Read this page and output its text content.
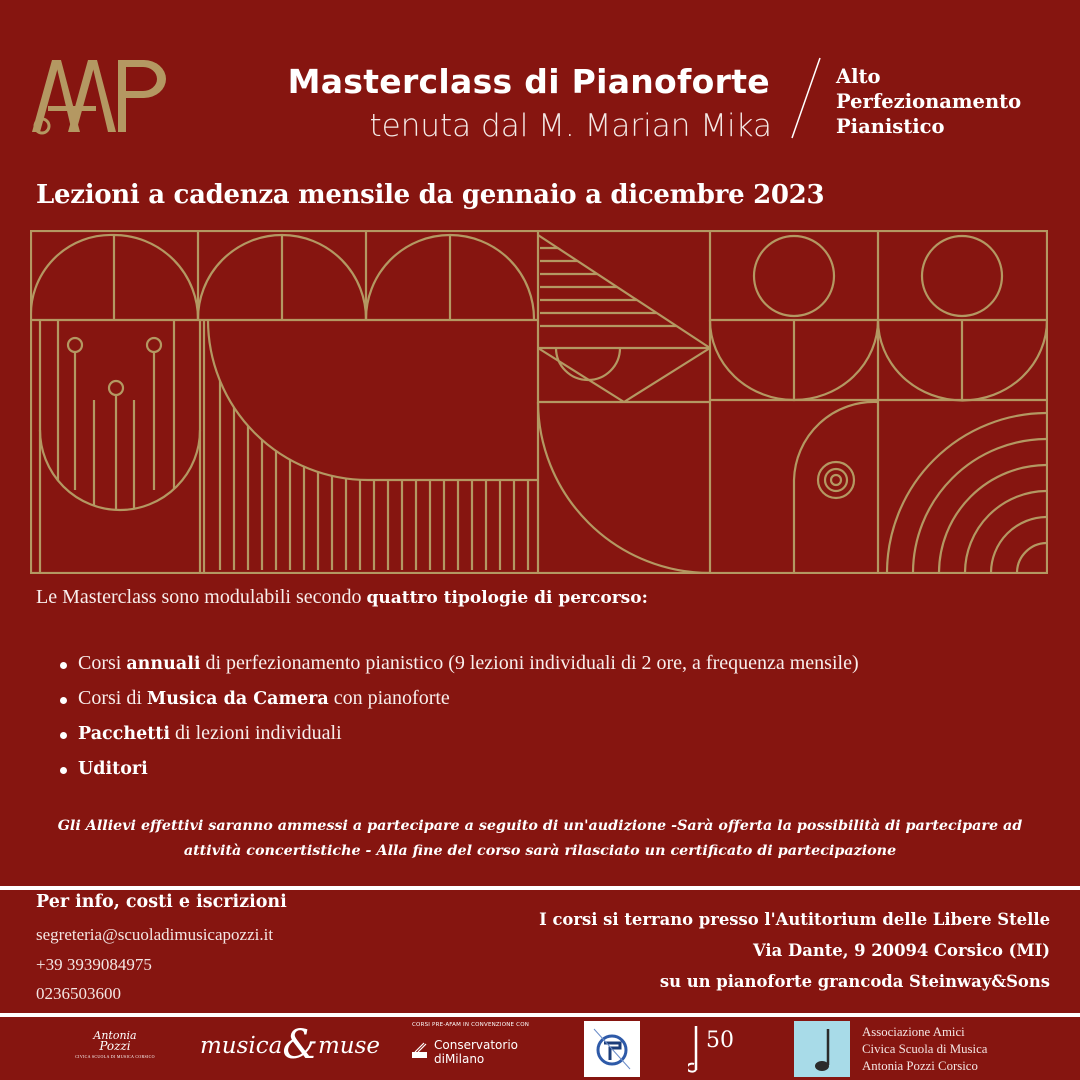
Masterclass di Pianoforte
tenuta dal M. Marian Mika
Alto
Perfezionamento
Pianistico
Lezioni a cadenza mensile da gennaio a dicembre 2023
Le Masterclass sono modulabili secondo quattro tipologie di percorso:
Corsi annuali di perfezionamento pianistico (9 lezioni individuali di 2 ore, a frequenza mensile)
Corsi di Musica da Camera con pianoforte
Pacchetti di lezioni individuali
Uditori
Gli Allievi effettivi saranno ammessi a partecipare a seguito di un'audizione -Sarà offerta la possibilità di partecipare ad
attività concertistiche - Alla fine del corso sarà rilasciato un certificato di partecipazione
Per info, costi e iscrizioni
segreteria@scuoladimusicapozzi.it
+39 3939084975
0236503600
I corsi si terrano presso l'Autitorium delle Libere Stelle
Via Dante, 9 20094 Corsico (MI)
su un pianoforte grancoda Steinway&Sons
Antonia
Pozzi
CIVICA SCUOLA DI MUSICA CORSICO musica&muse
CORSI PRE-AFAM IN CONVENZIONE CON
Conservatorio
diMilano
50	Associazione Amici
Civica Scuola di Musica
Antonia Pozzi Corsico
